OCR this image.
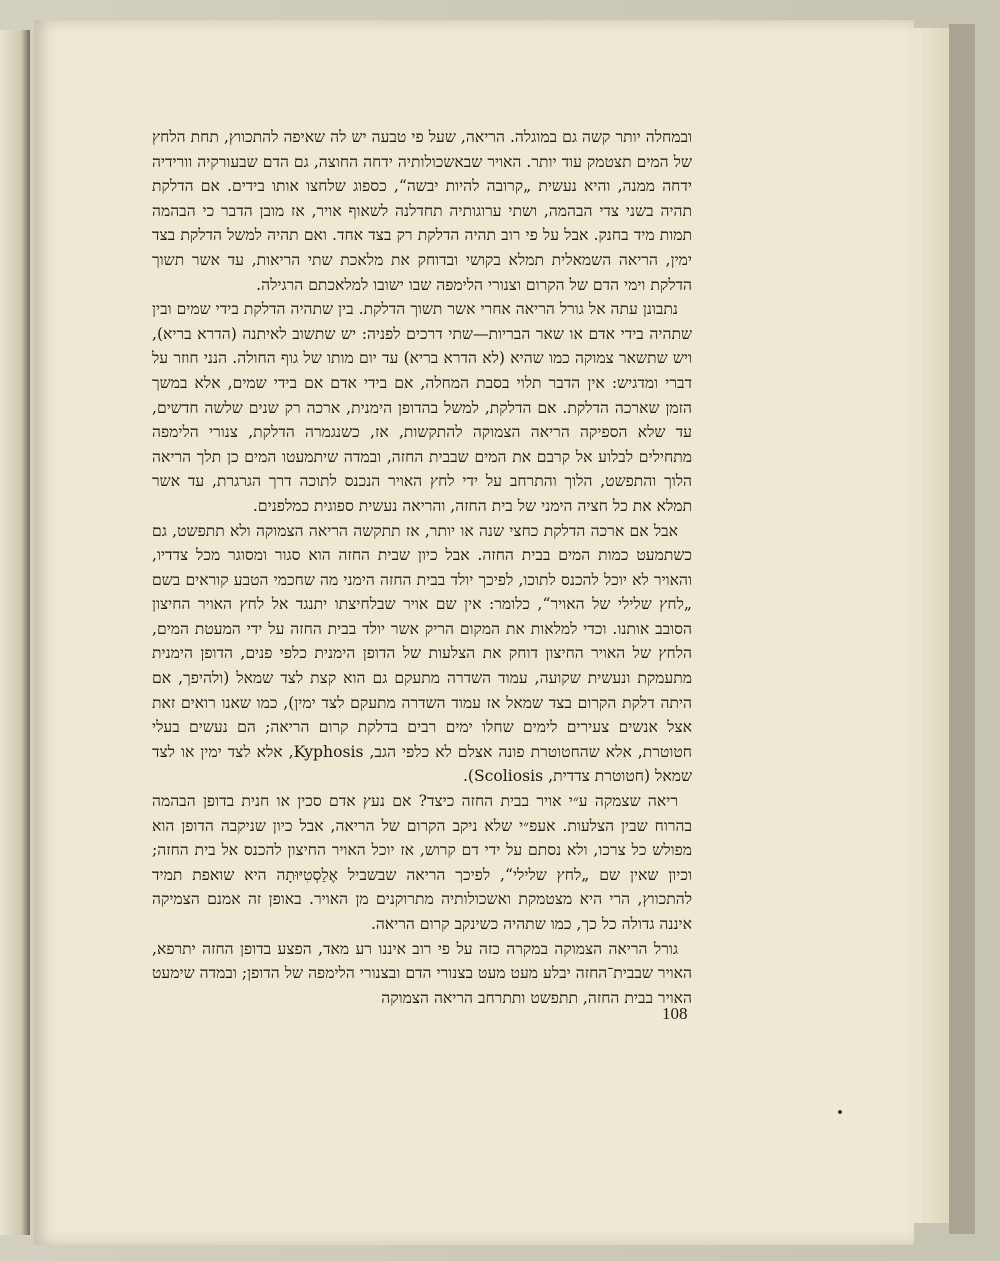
ובמחלה יותר קשה גם במוגלה. הריאה, שעל פי טבעה יש לה שאיפה להתכווץ, תחת הלחץ של המים תצטמק עוד יותר. האויר שבאשכולותיה ידחה החוצה, גם הדם שבעורקיה וורידיה ידחה ממנה, והיא נעשית „קרובה להיות יבשה“, כספוג שלחצו אותו בידים. אם הדלקת תהיה בשני צדי הבהמה, ושתי ערוגותיה תחדלנה לשאוף אויר, אז מובן הדבר כי הבהמה תמות מיד בחנק. אבל על פי רוב תהיה הדלקת רק בצד אחד. ואם תהיה למשל הדלקת בצד ימין, הריאה השמאלית תמלא בקושי ובדוחק את מלאכת שתי הריאות, עד אשר תשוך הדלקת וימי הדם של הקרום וצנורי הלימפה שבו ישובו למלאכתם הרגילה.

נתבונן עתה אל גורל הריאה אחרי אשר תשוך הדלקת. בין שתהיה הדלקת בידי שמים ובין שתהיה בידי אדם או שאר הבריות—שתי דרכים לפניה: יש שתשוב לאיתנה (הדרא בריא), ויש שתשאר צמוקה כמו שהיא (לא הדרא בריא) עד יום מותו של גוף החולה. הנני חוזר על דברי ומדגיש: אין הדבר תלוי בסבת המחלה, אם בידי אדם אם בידי שמים, אלא במשך הזמן שארכה הדלקת. אם הדלקת, למשל בהדופן הימנית, ארכה רק שנים שלשה חדשים, עד שלא הספיקה הריאה הצמוקה להתקשות, אז, כשנגמרה הדלקת, צנורי הלימפה מתחילים לבלוע אל קרבם את המים שבבית החזה, ובמדה שיתמעטו המים כן תלך הריאה הלוך והתפשט, הלוך והתרחב על ידי לחץ האויר הנכנס לתוכה דרך הגרגרת, עד אשר תמלא את כל חציה הימני של בית החזה, והריאה נעשית ספוגית כמלפנים.

אבל אם ארכה הדלקת כחצי שנה או יותר, אז תתקשה הריאה הצמוקה ולא תתפשט, גם כשתמעט כמות המים בבית החזה. אבל כיון שבית החזה הוא סגור ומסוגר מכל צדדיו, והאויר לא יוכל להכנס לתוכו, לפיכך יולד בבית החזה הימני מה שחכמי הטבע קוראים בשם „לחץ שלילי של האויר“, כלומר: אין שם אויר שבלחיצתו יתנגד אל לחץ האויר החיצון הסובב אותנו. וכדי למלאות את המקום הריק אשר יולד בבית החזה על ידי המעטת המים, הלחץ של האויר החיצון דוחק את הצלעות של הדופן הימנית כלפי פנים, הדופן הימנית מתעמקת ונעשית שקועה, עמוד השדרה מתעקם גם הוא קצת לצד שמאל (ולהיפך, אם היתה דלקת הקרום בצד שמאל אז עמוד השדרה מתעקם לצד ימין), כמו שאנו רואים זאת אצל אנשים צעירים לימים שחלו ימים רבים בדלקת קרום הריאה; הם נעשים בעלי חטוטרת, אלא שהחטוטרת פונה אצלם לא כלפי הגב, Kyphosis, אלא לצד ימין או לצד שמאל (חטוטרת צדדית, Scoliosis).

ריאה שצמקה ע״י אויר בבית החזה כיצד? אם נעץ אדם סכין או חנית בדופן הבהמה בהרוח שבין הצלעות. אעפ״י שלא ניקב הקרום של הריאה, אבל כיון שניקבה הדופן הוא מפולש כל צרכו, ולא נסתם על ידי דם קרוש, אז יוכל האויר החיצון להכנס אל בית החזה; וכיון שאין שם „לחץ שלילי“, לפיכך הריאה שבשביל אֶלַסְטִיּוּתָה היא שואפת תמיד להתכווץ, הרי היא מצטמקת ואשכולותיה מתרוקנים מן האויר. באופן זה אמנם הצמיקה איננה גדולה כל כך, כמו שתהיה כשינקב קרום הריאה.

גורל הריאה הצמוקה במקרה כזה על פי רוב איננו רע מאד, הפצע בדופן החזה יתרפא, האויר שבבית־החזה יבלע מעט מעט בצנורי הדם ובצנורי הלימפה של הדופן; ובמדה שימעט האויר בבית החזה, תתפשט ותתרחב הריאה הצמוקה

108
